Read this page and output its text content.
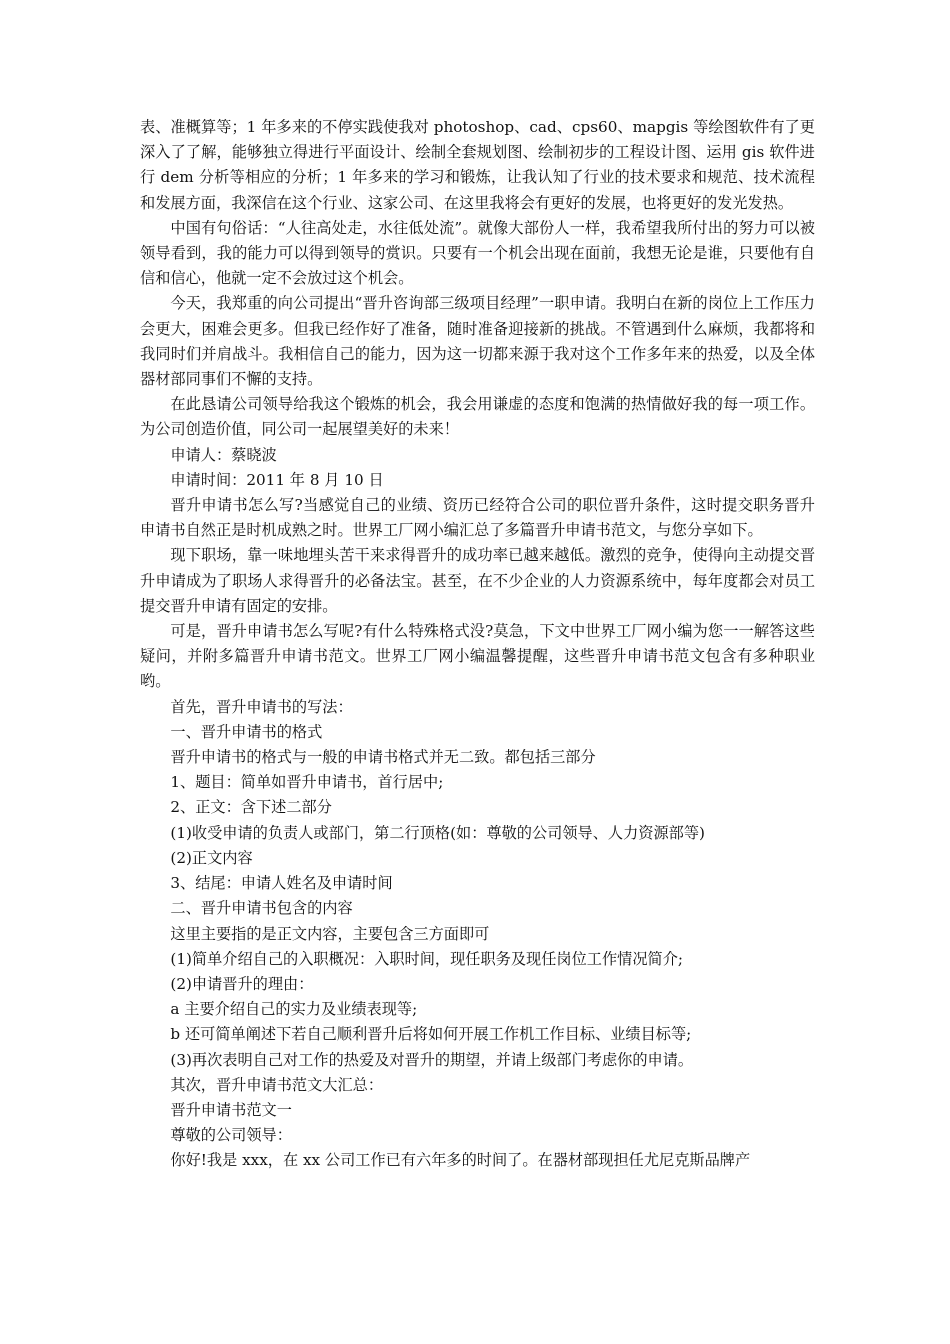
表、准概算等；1 年多来的不停实践使我对 photoshop、cad、cps60、mapgis 等绘图软件有了更深入了了解，能够独立得进行平面设计、绘制全套规划图、绘制初步的工程设计图、运用 gis 软件进行 dem 分析等相应的分析；1 年多来的学习和锻炼，让我认知了行业的技术要求和规范、技术流程和发展方面，我深信在这个行业、这家公司、在这里我将会有更好的发展，也将更好的发光发热。

中国有句俗话：“人往高处走，水往低处流”。就像大部份人一样，我希望我所付出的努力可以被领导看到，我的能力可以得到领导的赏识。只要有一个机会出现在面前，我想无论是谁，只要他有自信和信心，他就一定不会放过这个机会。

今天，我郑重的向公司提出“晋升咨询部三级项目经理”一职申请。我明白在新的岗位上工作压力会更大，困难会更多。但我已经作好了准备，随时准备迎接新的挑战。不管遇到什么麻烦，我都将和我同时们并肩战斗。我相信自己的能力，因为这一切都来源于我对这个工作多年来的热爱，以及全体器材部同事们不懈的支持。

在此恳请公司领导给我这个锻炼的机会，我会用谦虚的态度和饱满的热情做好我的每一项工作。为公司创造价值，同公司一起展望美好的未来！

申请人：蔡晓波

申请时间：2011 年 8 月 10 日

晋升申请书怎么写?当感觉自己的业绩、资历已经符合公司的职位晋升条件，这时提交职务晋升申请书自然正是时机成熟之时。世界工厂网小编汇总了多篇晋升申请书范文，与您分享如下。

现下职场，靠一味地埋头苦干来求得晋升的成功率已越来越低。激烈的竞争，使得向主动提交晋升申请成为了职场人求得晋升的必备法宝。甚至，在不少企业的人力资源系统中，每年度都会对员工提交晋升申请有固定的安排。

可是，晋升申请书怎么写呢?有什么特殊格式没?莫急，下文中世界工厂网小编为您一一解答这些疑问，并附多篇晋升申请书范文。世界工厂网小编温馨提醒，这些晋升申请书范文包含有多种职业哟。

首先，晋升申请书的写法：

一、晋升申请书的格式

晋升申请书的格式与一般的申请书格式并无二致。都包括三部分

1、题目：简单如晋升申请书，首行居中;

2、正文：含下述二部分

(1)收受申请的负责人或部门，第二行顶格(如：尊敬的公司领导、人力资源部等)

(2)正文内容

3、结尾：申请人姓名及申请时间

二、晋升申请书包含的内容

这里主要指的是正文内容，主要包含三方面即可

(1)简单介绍自己的入职概况：入职时间，现任职务及现任岗位工作情况简介;

(2)申请晋升的理由：

a 主要介绍自己的实力及业绩表现等;

b 还可简单阐述下若自己顺利晋升后将如何开展工作机工作目标、业绩目标等;

(3)再次表明自己对工作的热爱及对晋升的期望，并请上级部门考虑你的申请。

其次，晋升申请书范文大汇总：

晋升申请书范文一

尊敬的公司领导：

你好!我是 xxx，在 xx 公司工作已有六年多的时间了。在器材部现担任尤尼克斯品牌产
